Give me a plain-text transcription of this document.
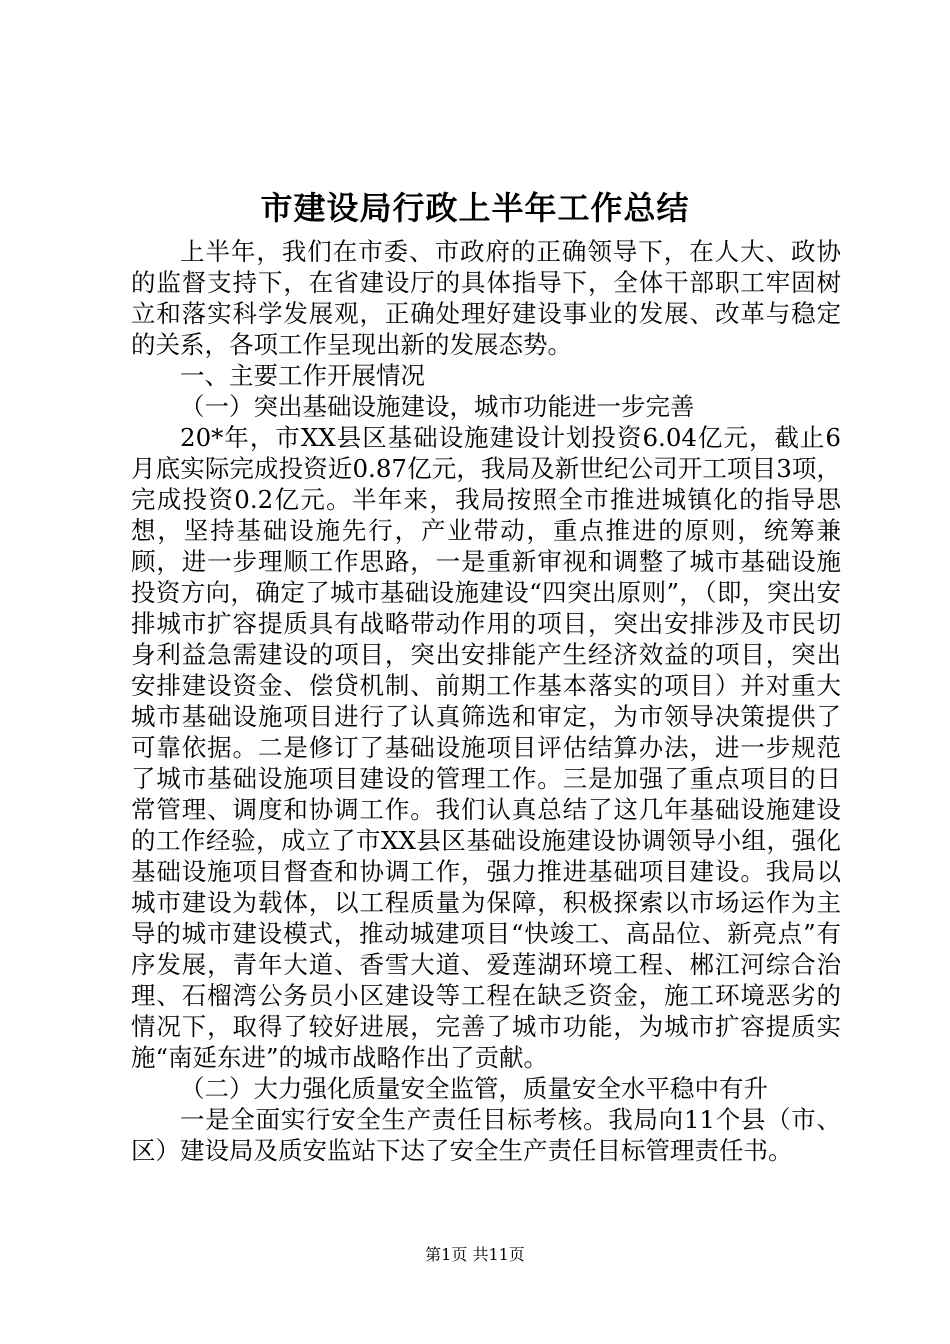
市建设局行政上半年工作总结

上半年，我们在市委、市政府的正确领导下，在人大、政协的监督支持下，在省建设厅的具体指导下，全体干部职工牢固树立和落实科学发展观，正确处理好建设事业的发展、改革与稳定的关系，各项工作呈现出新的发展态势。

一、主要工作开展情况

（一）突出基础设施建设，城市功能进一步完善

20*年，市XX县区基础设施建设计划投资6.04亿元，截止6月底实际完成投资近0.87亿元，我局及新世纪公司开工项目3项，完成投资0.2亿元。半年来，我局按照全市推进城镇化的指导思想，坚持基础设施先行，产业带动，重点推进的原则，统筹兼顾，进一步理顺工作思路，一是重新审视和调整了城市基础设施投资方向，确定了城市基础设施建设“四突出原则”，（即，突出安排城市扩容提质具有战略带动作用的项目，突出安排涉及市民切身利益急需建设的项目，突出安排能产生经济效益的项目，突出安排建设资金、偿贷机制、前期工作基本落实的项目）并对重大城市基础设施项目进行了认真筛选和审定，为市领导决策提供了可靠依据。二是修订了基础设施项目评估结算办法，进一步规范了城市基础设施项目建设的管理工作。三是加强了重点项目的日常管理、调度和协调工作。我们认真总结了这几年基础设施建设的工作经验，成立了市XX县区基础设施建设协调领导小组，强化基础设施项目督查和协调工作，强力推进基础项目建设。我局以城市建设为载体，以工程质量为保障，积极探索以市场运作为主导的城市建设模式，推动城建项目“快竣工、高品位、新亮点”有序发展，青年大道、香雪大道、爱莲湖环境工程、郴江河综合治理、石榴湾公务员小区建设等工程在缺乏资金，施工环境恶劣的情况下，取得了较好进展，完善了城市功能，为城市扩容提质实施“南延东进”的城市战略作出了贡献。

（二）大力强化质量安全监管，质量安全水平稳中有升

一是全面实行安全生产责任目标考核。我局向11个县（市、区）建设局及质安监站下达了安全生产责任目标管理责任书。

第1页 共11页
